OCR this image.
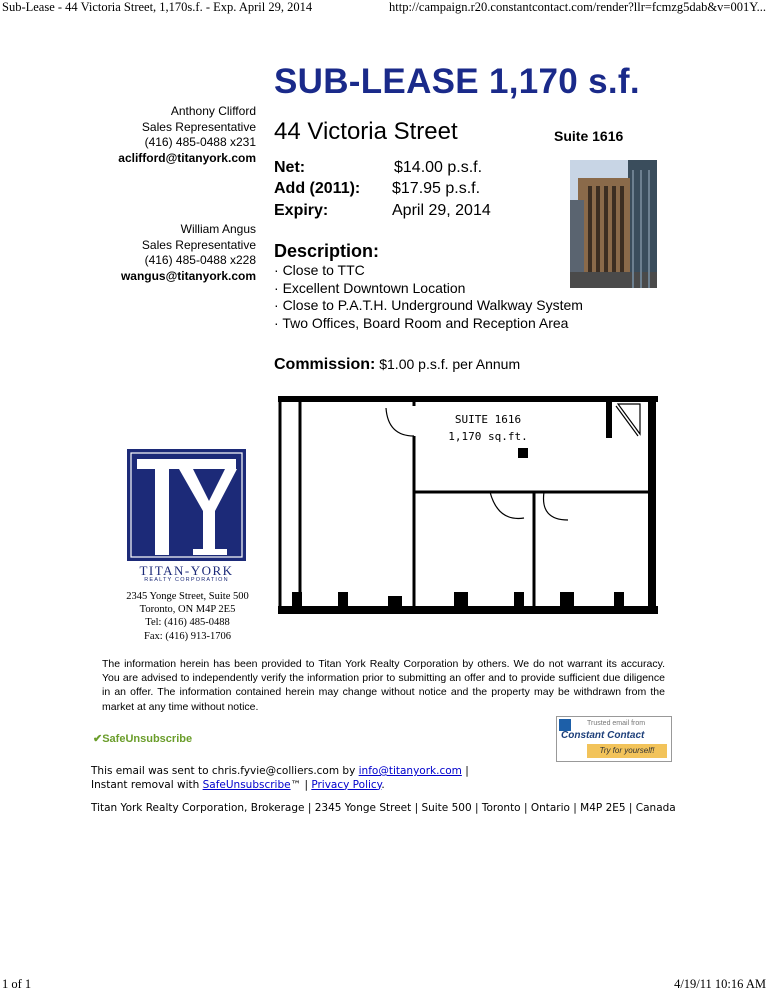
Sub-Lease - 44 Victoria Street, 1,170s.f. - Exp. April 29, 2014	http://campaign.r20.constantcontact.com/render?llr=fcmzg5dab&v=001Y...
SUB-LEASE 1,170 s.f.
Anthony Clifford
Sales Representative
(416) 485-0488 x231
aclifford@titanyork.com
William Angus
Sales Representative
(416) 485-0488 x228
wangus@titanyork.com
44 Victoria Street	Suite 1616
Net:	$14.00 p.s.f.
Add (2011): $17.95 p.s.f.
Expiry:	April 29, 2014
Description:
· Close to TTC
· Excellent Downtown Location
· Close to P.A.T.H. Underground Walkway System
· Two Offices, Board Room and Reception Area
Commission: $1.00 p.s.f. per Annum
SUITE 1616
1,170 sq.ft.
TITAN-YORK
REALTY CORPORATION
2345 Yonge Street, Suite 500
Toronto, ON M4P 2E5
Tel: (416) 485-0488
Fax: (416) 913-1706
The information herein has been provided to Titan York Realty Corporation by others. We do not warrant its accuracy. You are advised to independently verify the information prior to submitting an offer and to provide sufficient due diligence in an offer. The information contained herein may change without notice and the property may be withdrawn from the market at any time without notice.
✔SafeUnsubscribe
Trusted email from
Constant Contact
Try for yourself!
This email was sent to chris.fyvie@colliers.com by info@titanyork.com |
Instant removal with SafeUnsubscribe™ | Privacy Policy.
Titan York Realty Corporation, Brokerage | 2345 Yonge Street | Suite 500 | Toronto | Ontario | M4P 2E5 | Canada
1 of 1	4/19/11 10:16 AM
